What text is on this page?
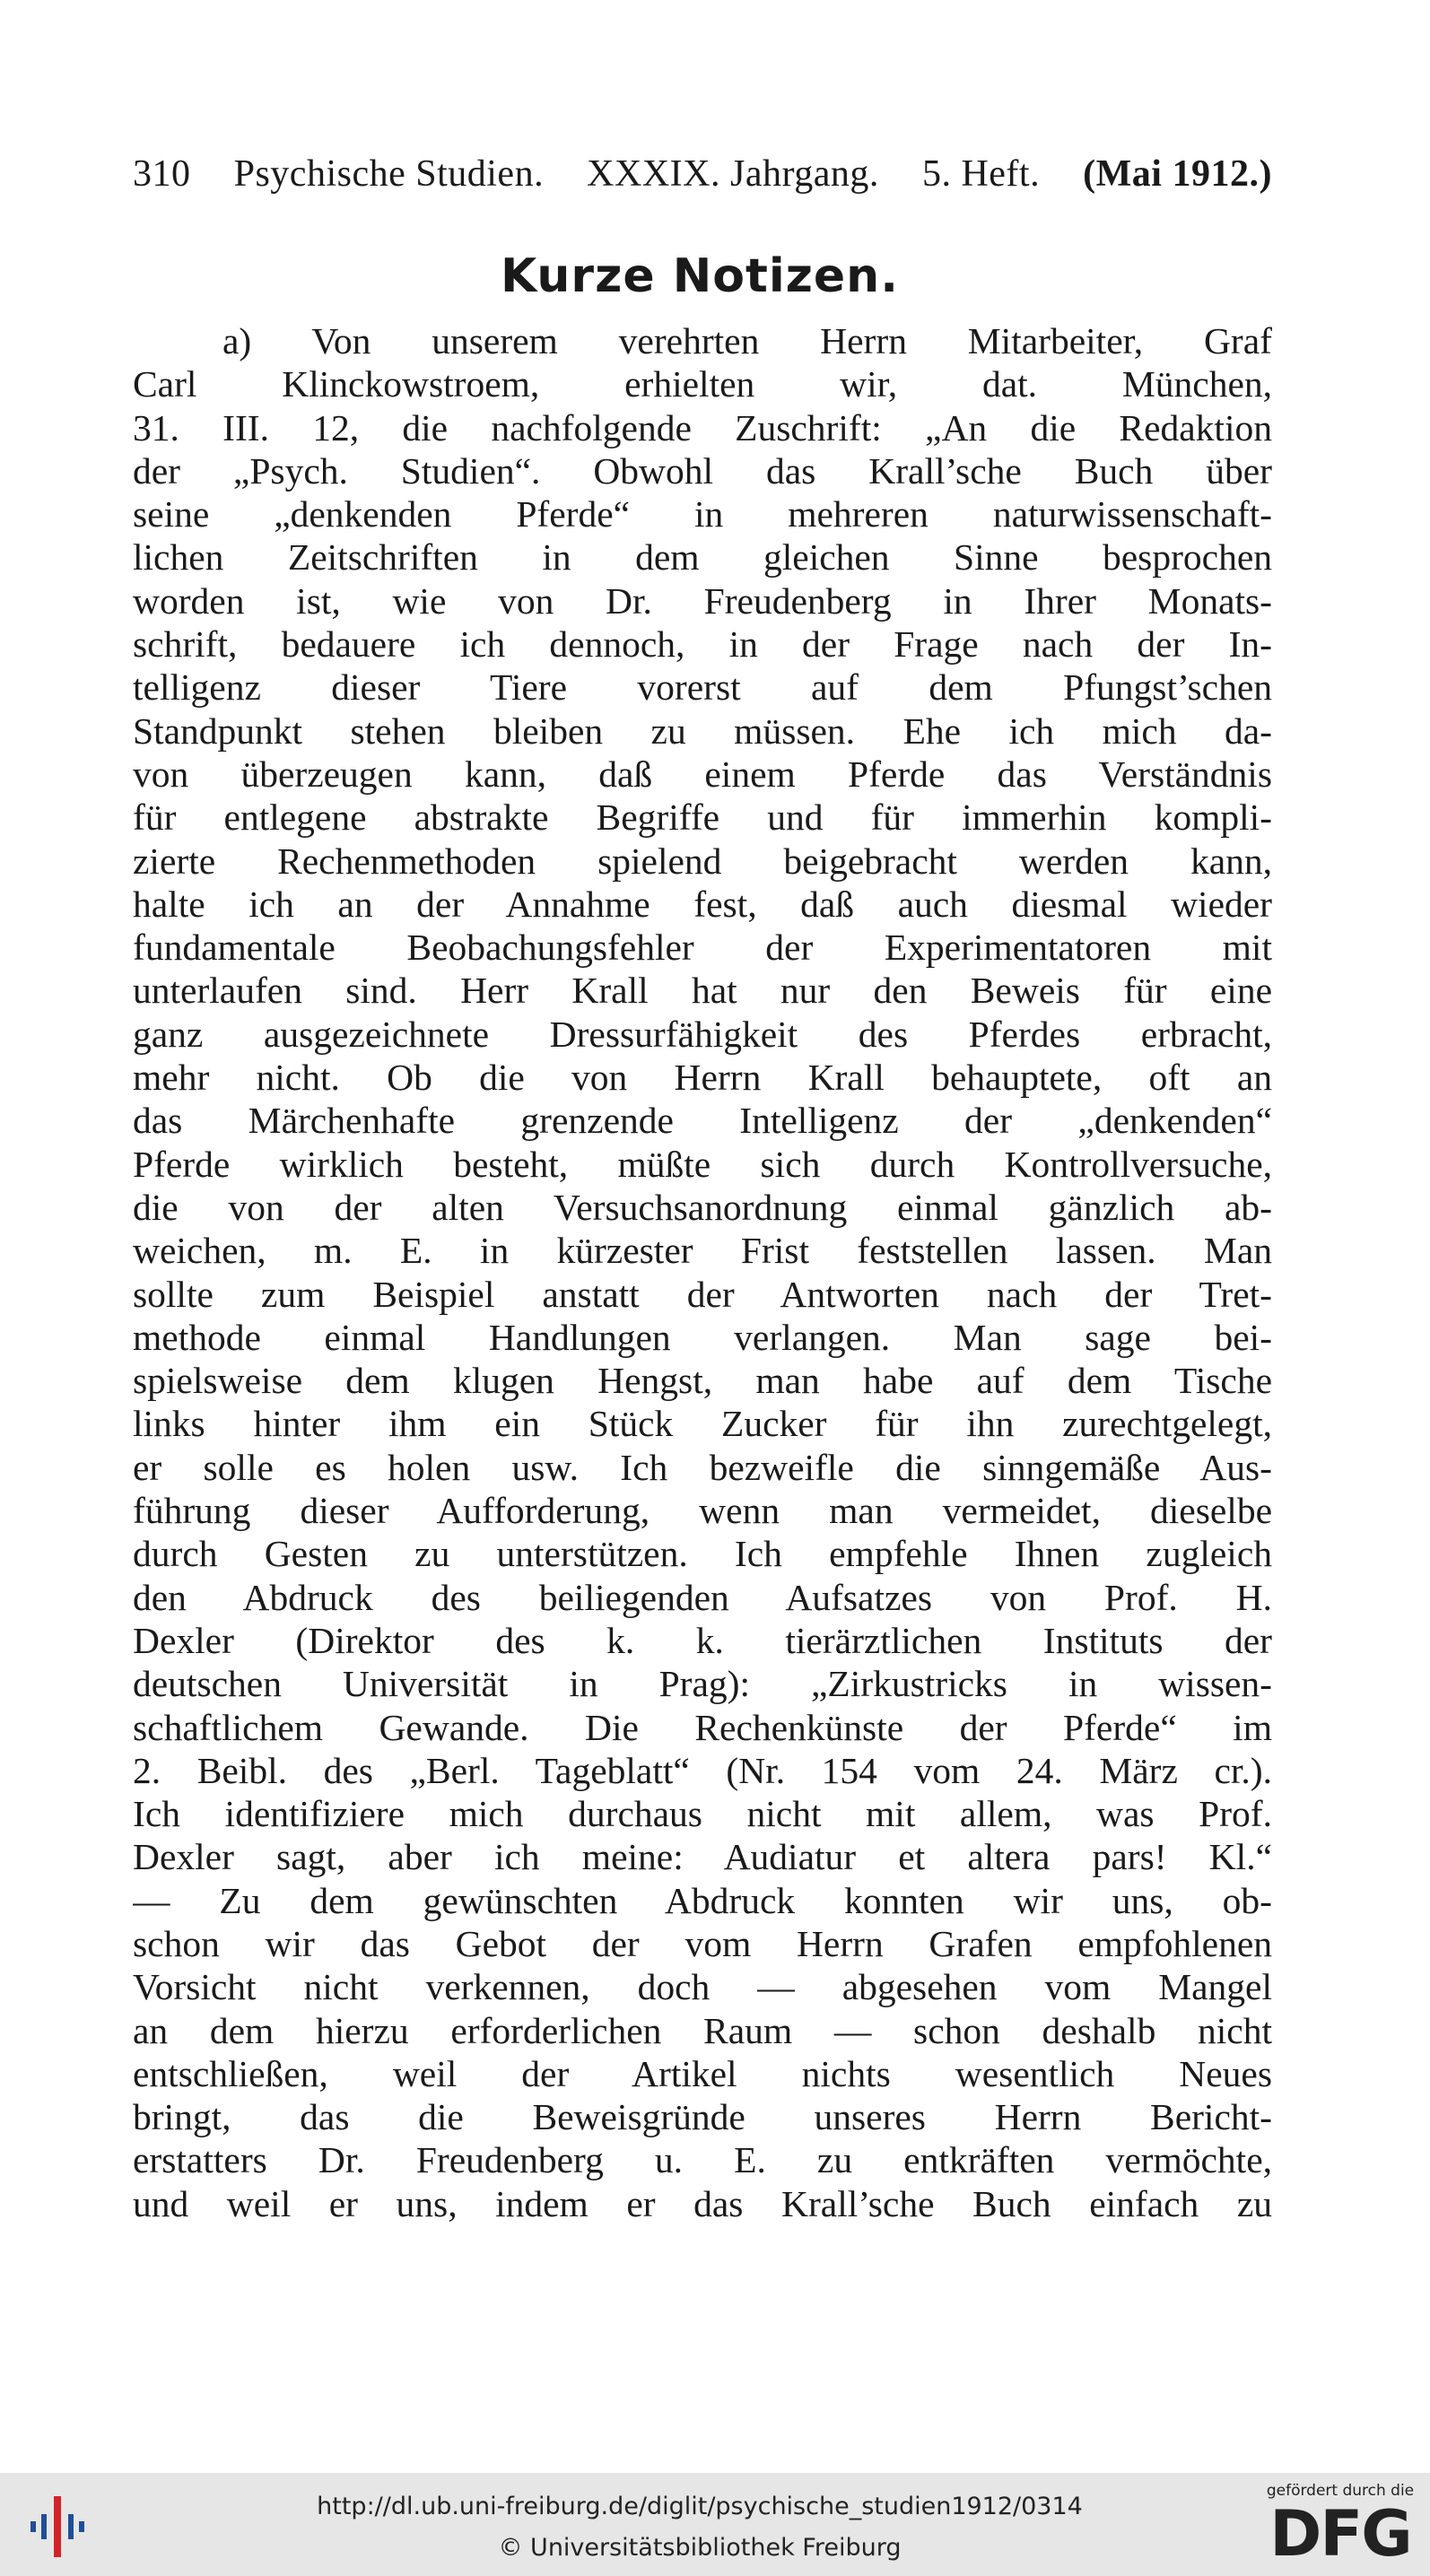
310 Psychische Studien. XXXIX. Jahrgang. 5. Heft. (Mai 1912.)
Kurze Notizen.
a) Von unserem verehrten Herrn Mitarbeiter, Graf
Carl Klinckowstroem, erhielten wir, dat. München,
31. III. 12, die nachfolgende Zuschrift: „An die Redaktion
der „Psych. Studien“. Obwohl das Krall’sche Buch über
seine „denkenden Pferde“ in mehreren naturwissenschaft-
lichen Zeitschriften in dem gleichen Sinne besprochen
worden ist, wie von Dr. Freudenberg in Ihrer Monats-
schrift, bedauere ich dennoch, in der Frage nach der In-
telligenz dieser Tiere vorerst auf dem Pfungst’schen
Standpunkt stehen bleiben zu müssen. Ehe ich mich da-
von überzeugen kann, daß einem Pferde das Verständnis
für entlegene abstrakte Begriffe und für immerhin kompli-
zierte Rechenmethoden spielend beigebracht werden kann,
halte ich an der Annahme fest, daß auch diesmal wieder
fundamentale Beobachungsfehler der Experimentatoren mit
unterlaufen sind. Herr Krall hat nur den Beweis für eine
ganz ausgezeichnete Dressurfähigkeit des Pferdes erbracht,
mehr nicht. Ob die von Herrn Krall behauptete, oft an
das Märchenhafte grenzende Intelligenz der „denkenden“
Pferde wirklich besteht, müßte sich durch Kontrollversuche,
die von der alten Versuchsanordnung einmal gänzlich ab-
weichen, m. E. in kürzester Frist feststellen lassen. Man
sollte zum Beispiel anstatt der Antworten nach der Tret-
methode einmal Handlungen verlangen. Man sage bei-
spielsweise dem klugen Hengst, man habe auf dem Tische
links hinter ihm ein Stück Zucker für ihn zurechtgelegt,
er solle es holen usw. Ich bezweifle die sinngemäße Aus-
führung dieser Aufforderung, wenn man vermeidet, dieselbe
durch Gesten zu unterstützen. Ich empfehle Ihnen zugleich
den Abdruck des beiliegenden Aufsatzes von Prof. H.
Dexler (Direktor des k. k. tierärztlichen Instituts der
deutschen Universität in Prag): „Zirkustricks in wissen-
schaftlichem Gewande. Die Rechenkünste der Pferde“ im
2. Beibl. des „Berl. Tageblatt“ (Nr. 154 vom 24. März cr.).
Ich identifiziere mich durchaus nicht mit allem, was Prof.
Dexler sagt, aber ich meine: Audiatur et altera pars! Kl.“
— Zu dem gewünschten Abdruck konnten wir uns, ob-
schon wir das Gebot der vom Herrn Grafen empfohlenen
Vorsicht nicht verkennen, doch — abgesehen vom Mangel
an dem hierzu erforderlichen Raum — schon deshalb nicht
entschließen, weil der Artikel nichts wesentlich Neues
bringt, das die Beweisgründe unseres Herrn Bericht-
erstatters Dr. Freudenberg u. E. zu entkräften vermöchte,
und weil er uns, indem er das Krall’sche Buch einfach zu
http://dl.ub.uni-freiburg.de/diglit/psychische_studien1912/0314
© Universitätsbibliothek Freiburg
gefördert durch die
DFG
